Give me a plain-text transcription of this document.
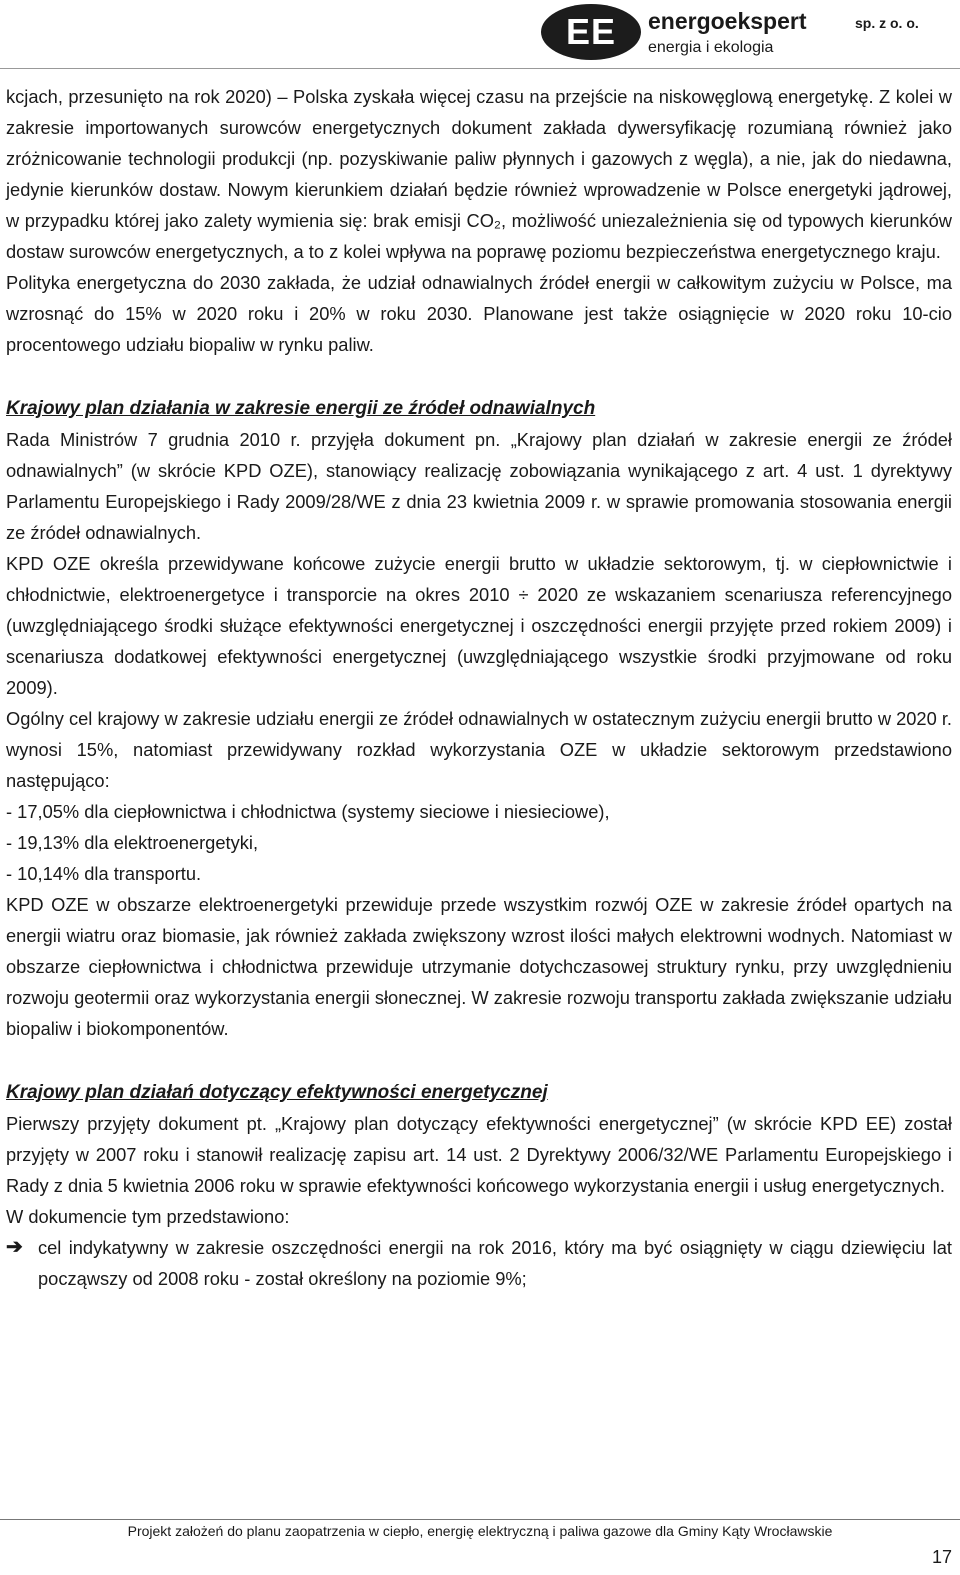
EE	energoekspert	sp. z o. o.
energia i ekologia

kcjach, przesunięto na rok 2020) – Polska zyskała więcej czasu na przejście na niskowęglową energetykę. Z kolei w zakresie importowanych surowców energetycznych dokument zakłada dywersyfikację rozumianą również jako zróżnicowanie technologii produkcji (np. pozyskiwanie paliw płynnych i gazowych z węgla), a nie, jak do niedawna, jedynie kierunków dostaw. Nowym kierunkiem działań będzie również wprowadzenie w Polsce energetyki jądrowej, w przypadku której jako zalety wymienia się: brak emisji CO₂, możliwość uniezależnienia się od typowych kierunków dostaw surowców energetycznych, a to z kolei wpływa na poprawę poziomu bezpieczeństwa energetycznego kraju.

Polityka energetyczna do 2030 zakłada, że udział odnawialnych źródeł energii w całkowitym zużyciu w Polsce, ma wzrosnąć do 15% w 2020 roku i 20% w roku 2030. Planowane jest także osiągnięcie w 2020 roku 10-cio procentowego udziału biopaliw w rynku paliw.

Krajowy plan działania w zakresie energii ze źródeł odnawialnych

Rada Ministrów 7 grudnia 2010 r. przyjęła dokument pn. „Krajowy plan działań w zakresie energii ze źródeł odnawialnych” (w skrócie KPD OZE), stanowiący realizację zobowiązania wynikającego z art. 4 ust. 1 dyrektywy Parlamentu Europejskiego i Rady 2009/28/WE z dnia 23 kwietnia 2009 r. w sprawie promowania stosowania energii ze źródeł odnawialnych.

KPD OZE określa przewidywane końcowe zużycie energii brutto w układzie sektorowym, tj. w ciepłownictwie i chłodnictwie, elektroenergetyce i transporcie na okres 2010 ÷ 2020 ze wskazaniem scenariusza referencyjnego (uwzględniającego środki służące efektywności energetycznej i oszczędności energii przyjęte przed rokiem 2009) i scenariusza dodatkowej efektywności energetycznej (uwzględniającego wszystkie środki przyjmowane od roku 2009).

Ogólny cel krajowy w zakresie udziału energii ze źródeł odnawialnych w ostatecznym zużyciu energii brutto w 2020 r. wynosi 15%, natomiast przewidywany rozkład wykorzystania OZE w układzie sektorowym przedstawiono następująco:

- 17,05% dla ciepłownictwa i chłodnictwa (systemy sieciowe i niesieciowe),

- 19,13% dla elektroenergetyki,

- 10,14% dla transportu.

KPD OZE w obszarze elektroenergetyki przewiduje przede wszystkim rozwój OZE w zakresie źródeł opartych na energii wiatru oraz biomasie, jak również zakłada zwiększony wzrost ilości małych elektrowni wodnych. Natomiast w obszarze ciepłownictwa i chłodnictwa przewiduje utrzymanie dotychczasowej struktury rynku, przy uwzględnieniu rozwoju geotermii oraz wykorzystania energii słonecznej. W zakresie rozwoju transportu zakłada zwiększanie udziału biopaliw i biokomponentów.

Krajowy plan działań dotyczący efektywności energetycznej

Pierwszy przyjęty dokument pt. „Krajowy plan dotyczący efektywności energetycznej” (w skrócie KPD EE) został przyjęty w 2007 roku i stanowił realizację zapisu art. 14 ust. 2 Dyrektywy 2006/32/WE Parlamentu Europejskiego i Rady z dnia 5 kwietnia 2006 roku w sprawie efektywności końcowego wykorzystania energii i usług energetycznych.

W dokumencie tym przedstawiono:

➔ cel indykatywny w zakresie oszczędności energii na rok 2016, który ma być osiągnięty w ciągu dziewięciu lat począwszy od 2008 roku - został określony na poziomie 9%;

Projekt założeń do planu zaopatrzenia w ciepło, energię elektryczną i paliwa gazowe dla Gminy Kąty Wrocławskie
17
